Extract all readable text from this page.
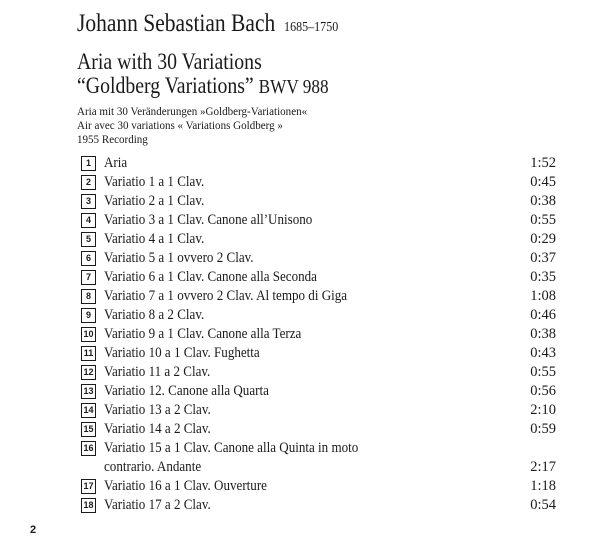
Johann Sebastian Bach 1685–1750
Aria with 30 Variations
“Goldberg Variations” BWV 988
Aria mit 30 Veränderungen »Goldberg-Variationen«
Air avec 30 variations « Variations Goldberg »
1955 Recording
1 Aria	1:52
2 Variatio 1 a 1 Clav.	0:45
3 Variatio 2 a 1 Clav.	0:38
4 Variatio 3 a 1 Clav. Canone all’Unisono	0:55
5 Variatio 4 a 1 Clav.	0:29
6 Variatio 5 a 1 ovvero 2 Clav.	0:37
7 Variatio 6 a 1 Clav. Canone alla Seconda	0:35
8 Variatio 7 a 1 ovvero 2 Clav. Al tempo di Giga	1:08
9 Variatio 8 a 2 Clav.	0:46
10 Variatio 9 a 1 Clav. Canone alla Terza	0:38
11 Variatio 10 a 1 Clav. Fughetta	0:43
12 Variatio 11 a 2 Clav.	0:55
13 Variatio 12. Canone alla Quarta	0:56
14 Variatio 13 a 2 Clav.	2:10
15 Variatio 14 a 2 Clav.	0:59
16 Variatio 15 a 1 Clav. Canone alla Quinta in moto
contrario. Andante	2:17
17 Variatio 16 a 1 Clav. Ouverture	1:18
18 Variatio 17 a 2 Clav.	0:54
2
